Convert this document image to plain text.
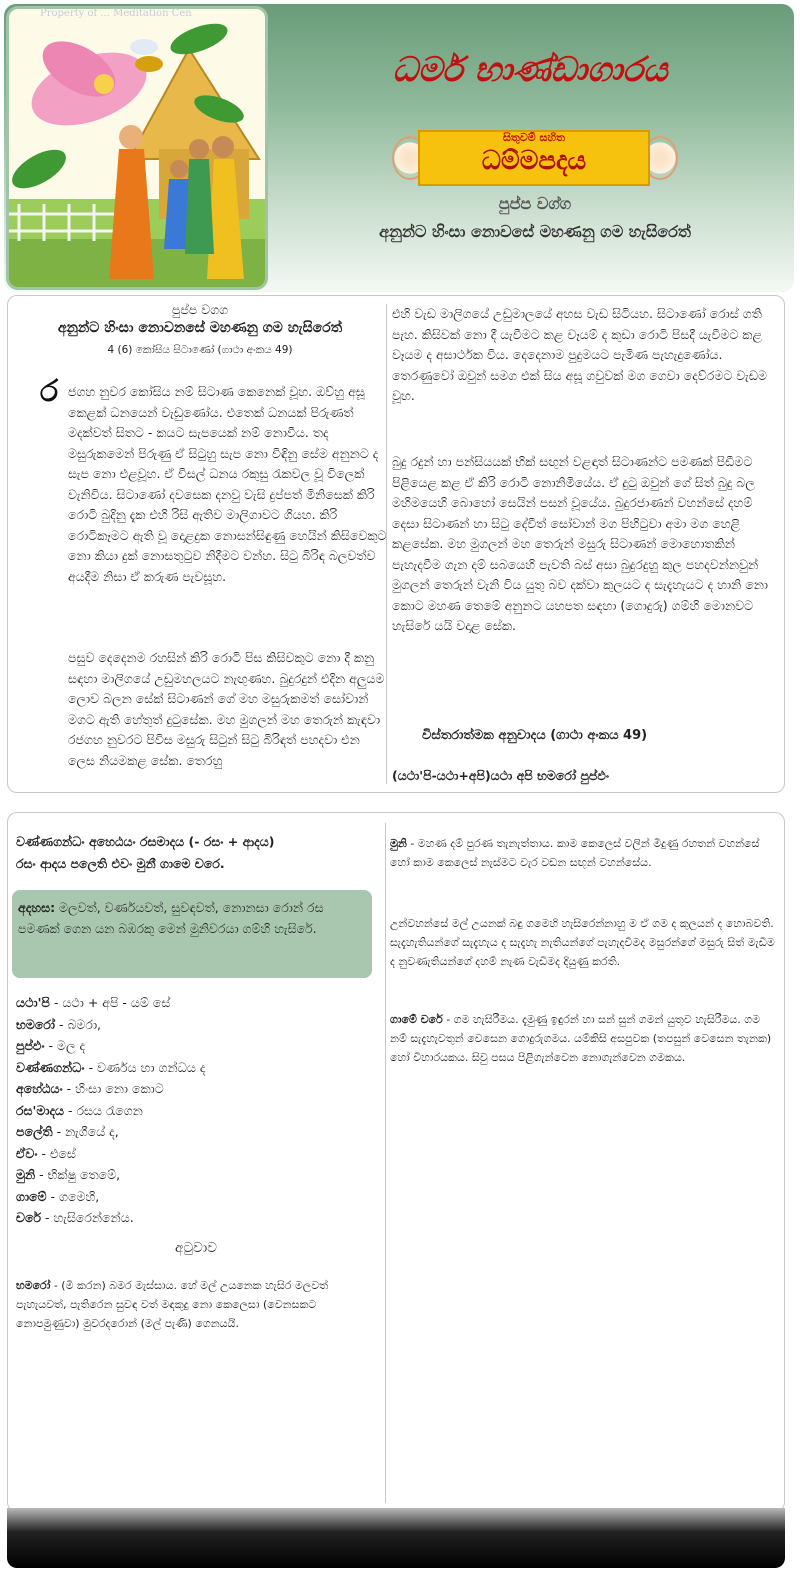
Property of ... Meditation Cen
ධර්ම භාණ්ඩාගාරය
සිතුවම් සහිත
ධම්මපදය
පුප්ප වග්ග
අනුන්ට හිංසා නොවසේ මහණනු ගම හැසිරෙත්
පුප්ප වගග
අනුන්ට හිංසා නොවනසේ මහණනු ගම හැසිරෙත්
4 (6) කෝසිය සිටාණෝ (ගාථා අංකය 49)
ර ජගහ නුවර කෝසිය නම් සිටාණ කෙනෙක් වූහ. ඔව්හු අසූ කෙළක් ධනයෙන් වැඩුණෝය. එතෙක් ධනයක් පිරුණත් මදක්වත් සිතට - කයට සැපයෙක් නම් නොවීය. තද මසුරුකමෙන් පිරුණු ඒ සිටුහු සැප නො විඳිනු සේම අනුනට ද සැප නො එළවූහ. ඒ විසල් ධනය රකුසු රැකවල වූ විලෙක් වැනිවිය. සිටාණෝ දවසෙක දනවු වැසි දුප්පත් මිනිසෙක් කිරි රොටි බුදිනු දැක එහි රිසි ඇතිව මාලිගාවට ගියහ. කිරි රොටිකෑමට ඇති වූ දොළදුක නොසන්සිඳුණු හෙයින් කිසිවෙකුට නො කියා දුක් නොසතුටුව නිදීමට වන්හ. සිටු බිරිඳ බලවත්ව අයදීම නිසා ඒ කරුණ පැවසූහ.
පසුව දෙදෙනම රහසින් කිරි රොටි පිස කිසිවකුට නො දී කනු සඳහා මාලිගයේ උඩුමහලයට නැඟුණහ. බුදුරදුන් එදින අලුයම ලොව බලන සේක් සිටාණන් ගේ මහ මසුරුකමත් සෝවාන් මගට ඇති හේතුත් දුටුසේක. මහ මුගලන් මහ තෙරුන් කැඳවා රජගහ නුවරට පිවිස මසුරු සිටුන් සිටු බිරිඳත් පහදවා එන ලෙස නියමකළ සේක. තෙරහු
එහි වැඩ මාලිගයේ උඩුමාලයේ අහස වැඩ සිටියහ. සිටාණෝ රොස් ගති පැහ. කිසිවක් නො දී යැවීමට කළ වෑයම් ද කුඩා රොටි පිසදී යැවීමට කළ වෑයම ද අසාර්ථක විය. දෙදෙනාම පුදුමයට පැමිණ පැහැදුණෝය. තෙරණුවෝ ඔවුන් සමග එක් සිය අසූ ගවුවක් මග ගෙවා දෙව්රමට වැඩම වූහ.
බුදු රදුන් හා පන්සියයක් භික් සඟුන් වළඳාත් සිටාණන්ට පමණක් පිඩීමට පිළියෙළ කළ ඒ කිරි රොටි නොනිමියේය. ඒ දුටු ඔවුන් ගේ සිත් බුදු බල මහිමයෙහි බොහෝ සෙයින් පසන් වූයේය. බුදුරජාණන් වහන්සේ දහම් දෙසා සිටාණන් හා සිටු දේවීත් සෝවාන් මග පිහිටුවා අමා මග හෙළි කළසේක. මහ මුගලන් මහ තෙරුන් මසුරු සිටාණන් මොහොතකින් පැහැදවීම ගැන දම් සබයෙහි පැවති බස් අසා බුදුරදුහු කුල පහදවන්නවුන් මුගලන් තෙරුන් වැනි විය යුතු බව දක්වා කුලයට ද සැදැහැයට ද හානි නො කොට මහණ තෙමේ අනුනට යහපත සඳහා (ගොදුරු) ගම්හි මොනවට හැසිරේ යයි වදාළ සේක.
විස්තරාත්මක අනුවාදය (ගාථා අංකය 49)
(යථා'පි-යථා+අපි)යථා අපි භමරෝ පුප්ඵං
වණ්ණගන්ධං අහෙඨයං රසමාදය (- රසං + ආදය)
රසං ආදය පලෙති එවං මුනී ගාමෙ චරෙ.
අදහස: මලවත්, වර්ණයවත්, සුවඳවත්, නොනසා රොන් රස පමණක් ගෙන යන බඹරකු මෙන් මුනිවරයා ගම්හි හැසිරේ.
යථා'පි - යථා + අපි - යම් සේ
භමරෝ - බමරා,
පුප්ඵං - මල ද
වණ්ණගන්ධං - වර්ණය හා ගන්ධය ද
අහේඨයං - හිංසා නො කොට
රස'මාදය - රසය රැගෙන
පලේති - නැගීයේ ද,
ඒවං - එසේ
මුනි - භික්ෂු තෙමේ,
ගාමේ - ගමෙහි,
චරේ - හැසිරෙන්නේය.
අටුවාව
භමරෝ - (මී කරන) බමර මැස්සාය. හේ මල් උයනෙක හැසිර මලවත් පැහැයවත්, පැතිරෙන සුවඳ වත් මඳකුදු නො කෙලෙසා (වෙනසකට නොපමුණුවා) මුවරදරොන් (මල් පැණි) ගෙනයයි.
මුනි - මහණ දම් පුරණ තැනැත්තාය. කාම කෙලෙස් වලින් මිදුණු රහතන් වහන්සේ හෝ කාම කෙලෙස් නැස්මට වැර වඩන සඟුන් වහන්සේය.
උන්වහන්සේ මල් උයනක් බඳු ගමෙහි හැසිරෙන්නාහු ම ඒ ගම ද කුලයන් ද හොබවති. සැදැහැතියන්ගේ සැදැහැය ද සැදැහැ නැතියන්ගේ පැහැදවීමද මසුරන්ගේ මසුරු සිත් මැඩීම ද නුවණැතියන්ගේ දහම් නැණ වැඩීමද දියුණු කරති.
ගාමේ චරේ - ගම හැසිරීමය. දැමුණු ඉඳුරන් හා සන් සුන් ගමන් යුතුව හැසිරීමය. ගම නම් සැදැහැවතුන් වෙසෙන ගොදුරුගමය. යම්කිසි අසපුවක (තපසුන් වෙසෙන තැනක) හෝ විහාරයකය. සිවු පසය පිළිගැන්වෙන නොගැන්වෙන ගමකය.
